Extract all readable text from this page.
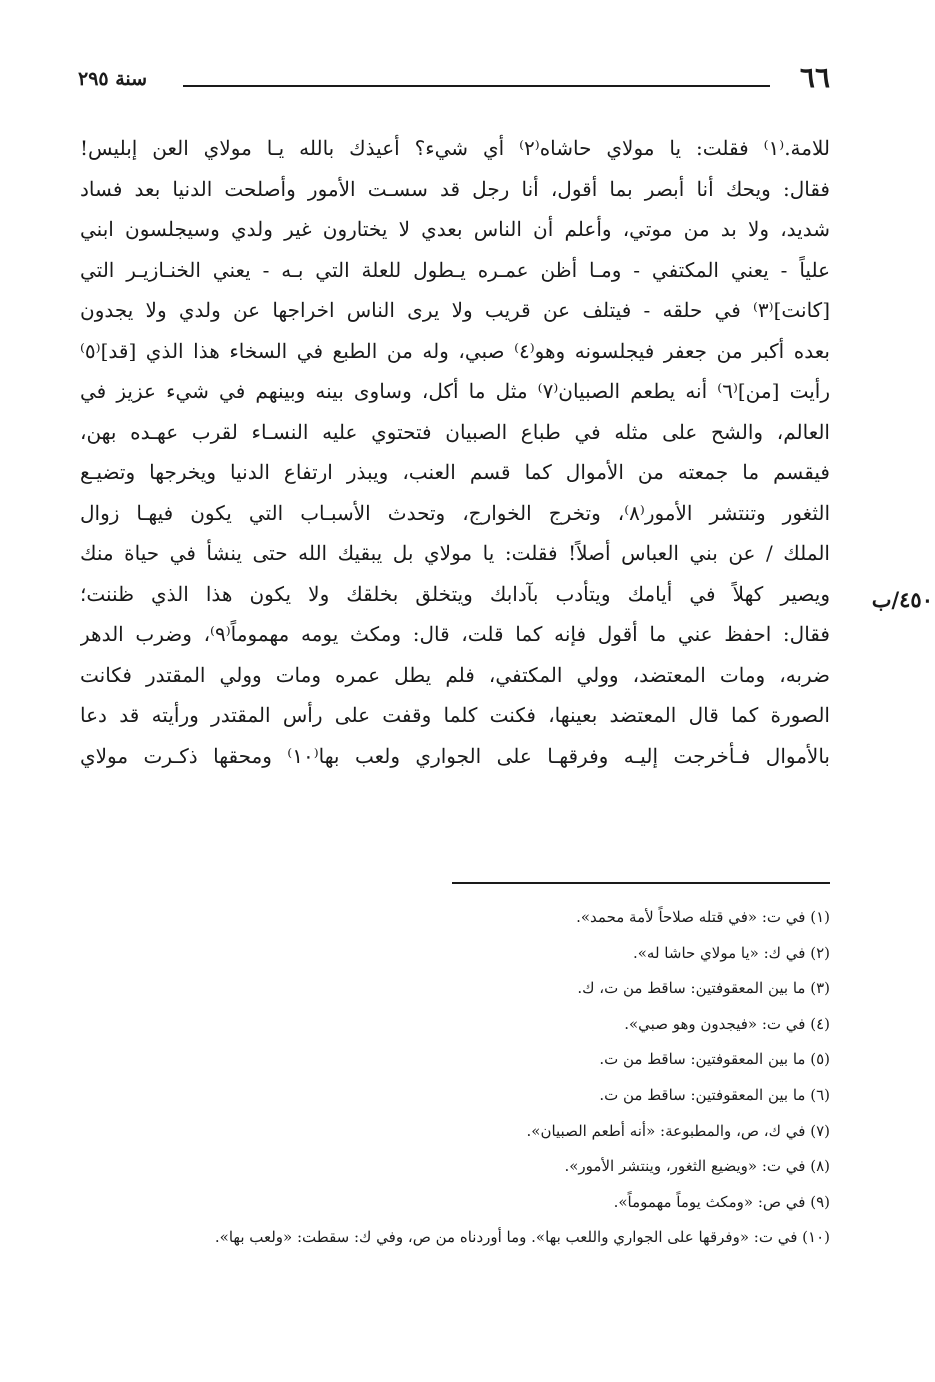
٦٦
سنة ٢٩٥
٤٥٠/ب
للامة.⁽١⁾ فقلت: يا مولاي حاشاه⁽٢⁾ أي شيء؟ أعيذك بالله يـا مولاي العن إبليس!
فقال: ويحك أنا أبصر بما أقول، أنا رجل قد سسـت الأمور وأصلحت الدنيا بعد فساد
شديد، ولا بد من موتي، وأعلم أن الناس بعدي لا يختارون غير ولدي وسيجلسون ابني
علياً - يعني المكتفي - ومـا أظن عمـره يـطول للعلة التي بـه - يعني الخنـازيـر التي
[كانت]⁽٣⁾ في حلقه - فيتلف عن قريب ولا يرى الناس اخراجها عن ولدي ولا يجدون
بعده أكبر من جعفر فيجلسونه وهو⁽٤⁾ صبي، وله من الطبع في السخاء هذا الذي [قد]⁽٥⁾
رأيت [من]⁽٦⁾ أنه يطعم الصبيان⁽٧⁾ مثل ما أكل، وساوى بينه وبينهم في شيء عزيز في
العالم، والشح على مثله في طباع الصبيان فتحتوي عليه النسـاء لقرب عهـده بهن،
فيقسم ما جمعته من الأموال كما قسم العنب، ويبذر ارتفاع الدنيا ويخرجها وتضيـع
الثغور وتنتشر الأمور⁽٨⁾، وتخرج الخوارج، وتحدث الأسبـاب التي يكون فيهـا زوال
الملك / عن بني العباس أصلاً! فقلت: يا مولاي بل يبقيك الله حتى ينشأ في حياة منك
ويصير كهلاً في أيامك ويتأدب بآدابك ويتخلق بخلقك ولا يكون هذا الذي ظننت؛
فقال: احفظ عني ما أقول فإنه كما قلت، قال: ومكث يومه مهموماً⁽٩⁾، وضرب الدهر
ضربه، ومات المعتضد، وولي المكتفي، فلم يطل عمره ومات وولي المقتدر فكانت
الصورة كما قال المعتضد بعينها، فكنت كلما وقفت على رأس المقتدر ورأيته قد دعا
بالأموال فـأخرجت إليـه وفرقهـا على الجواري ولعب بها⁽١٠⁾ ومحقها ذكـرت مولاي
(١) في ت: «في قتله صلاحاً لأمة محمد».
(٢) في ك: «يا مولاي حاشا له».
(٣) ما بين المعقوفتين: ساقط من ت، ك.
(٤) في ت: «فيجدون وهو صبي».
(٥) ما بين المعقوفتين: ساقط من ت.
(٦) ما بين المعقوفتين: ساقط من ت.
(٧) في ك، ص، والمطبوعة: «أنه أطعم الصبيان».
(٨) في ت: «ويضيع الثغور، وينتشر الأمور».
(٩) في ص: «ومكث يوماً مهموماً».
(١٠) في ت: «وفرقها على الجواري واللعب بها». وما أوردناه من ص، وفي ك: سقطت: «ولعب بها».
